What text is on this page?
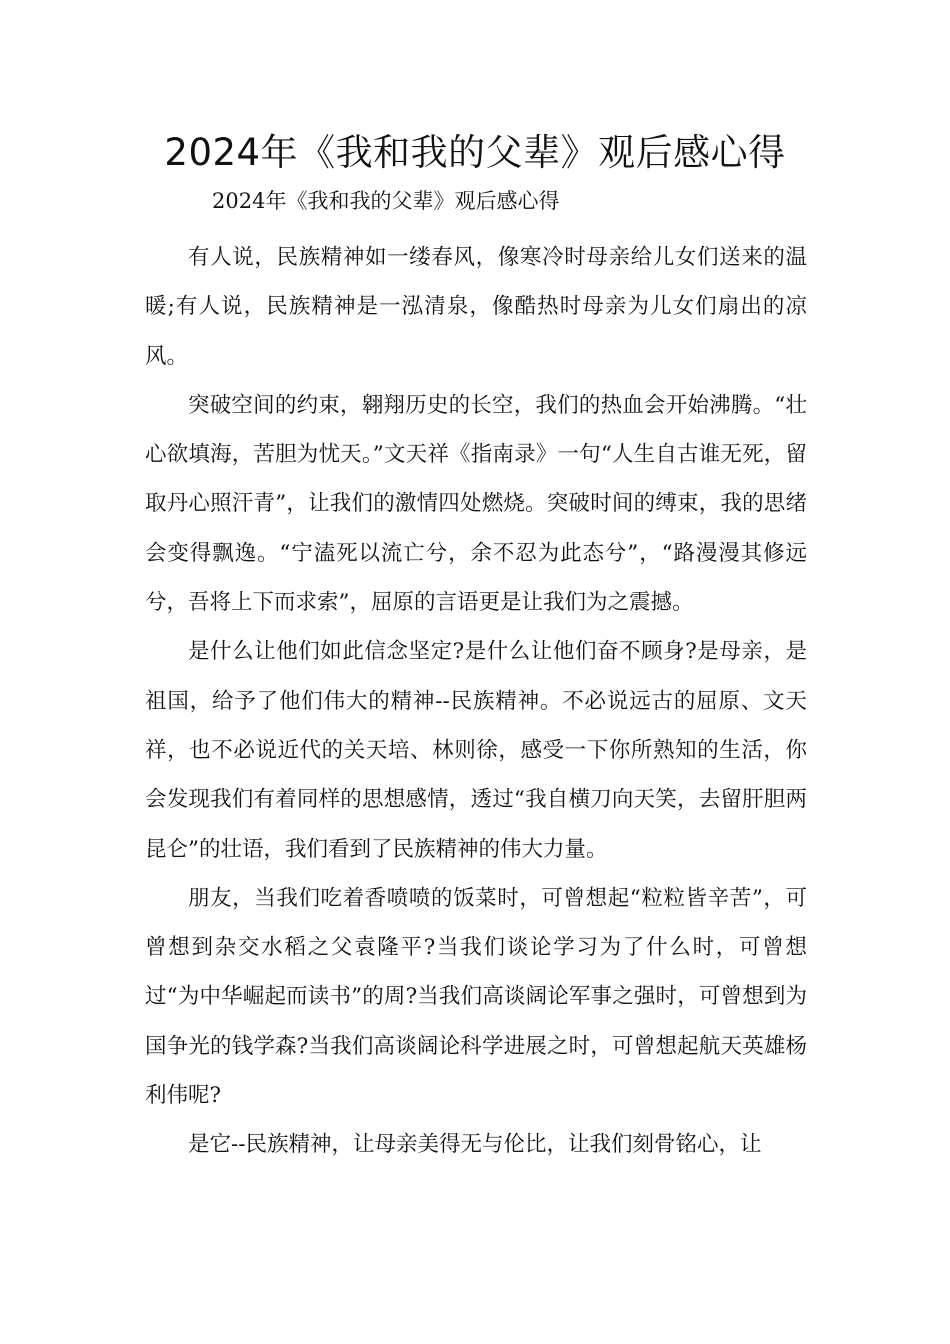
2024年《我和我的父辈》观后感心得
2024年《我和我的父辈》观后感心得

有人说，民族精神如一缕春风，像寒冷时母亲给儿女们送来的温暖;有人说，民族精神是一泓清泉，像酷热时母亲为儿女们扇出的凉风。

突破空间的约束，翱翔历史的长空，我们的热血会开始沸腾。“壮心欲填海，苦胆为忧天。”文天祥《指南录》一句“人生自古谁无死，留取丹心照汗青”，让我们的激情四处燃烧。突破时间的缚束，我的思绪会变得飘逸。“宁溘死以流亡兮，余不忍为此态兮”，“路漫漫其修远兮，吾将上下而求索”，屈原的言语更是让我们为之震撼。

是什么让他们如此信念坚定?是什么让他们奋不顾身?是母亲，是祖国，给予了他们伟大的精神--民族精神。不必说远古的屈原、文天祥，也不必说近代的关天培、林则徐，感受一下你所熟知的生活，你会发现我们有着同样的思想感情，透过“我自横刀向天笑，去留肝胆两昆仑”的壮语，我们看到了民族精神的伟大力量。

朋友，当我们吃着香喷喷的饭菜时，可曾想起“粒粒皆辛苦”，可曾想到杂交水稻之父袁隆平?当我们谈论学习为了什么时，可曾想过“为中华崛起而读书”的周?当我们高谈阔论军事之强时，可曾想到为国争光的钱学森?当我们高谈阔论科学进展之时，可曾想起航天英雄杨利伟呢?

是它--民族精神，让母亲美得无与伦比，让我们刻骨铭心，让
